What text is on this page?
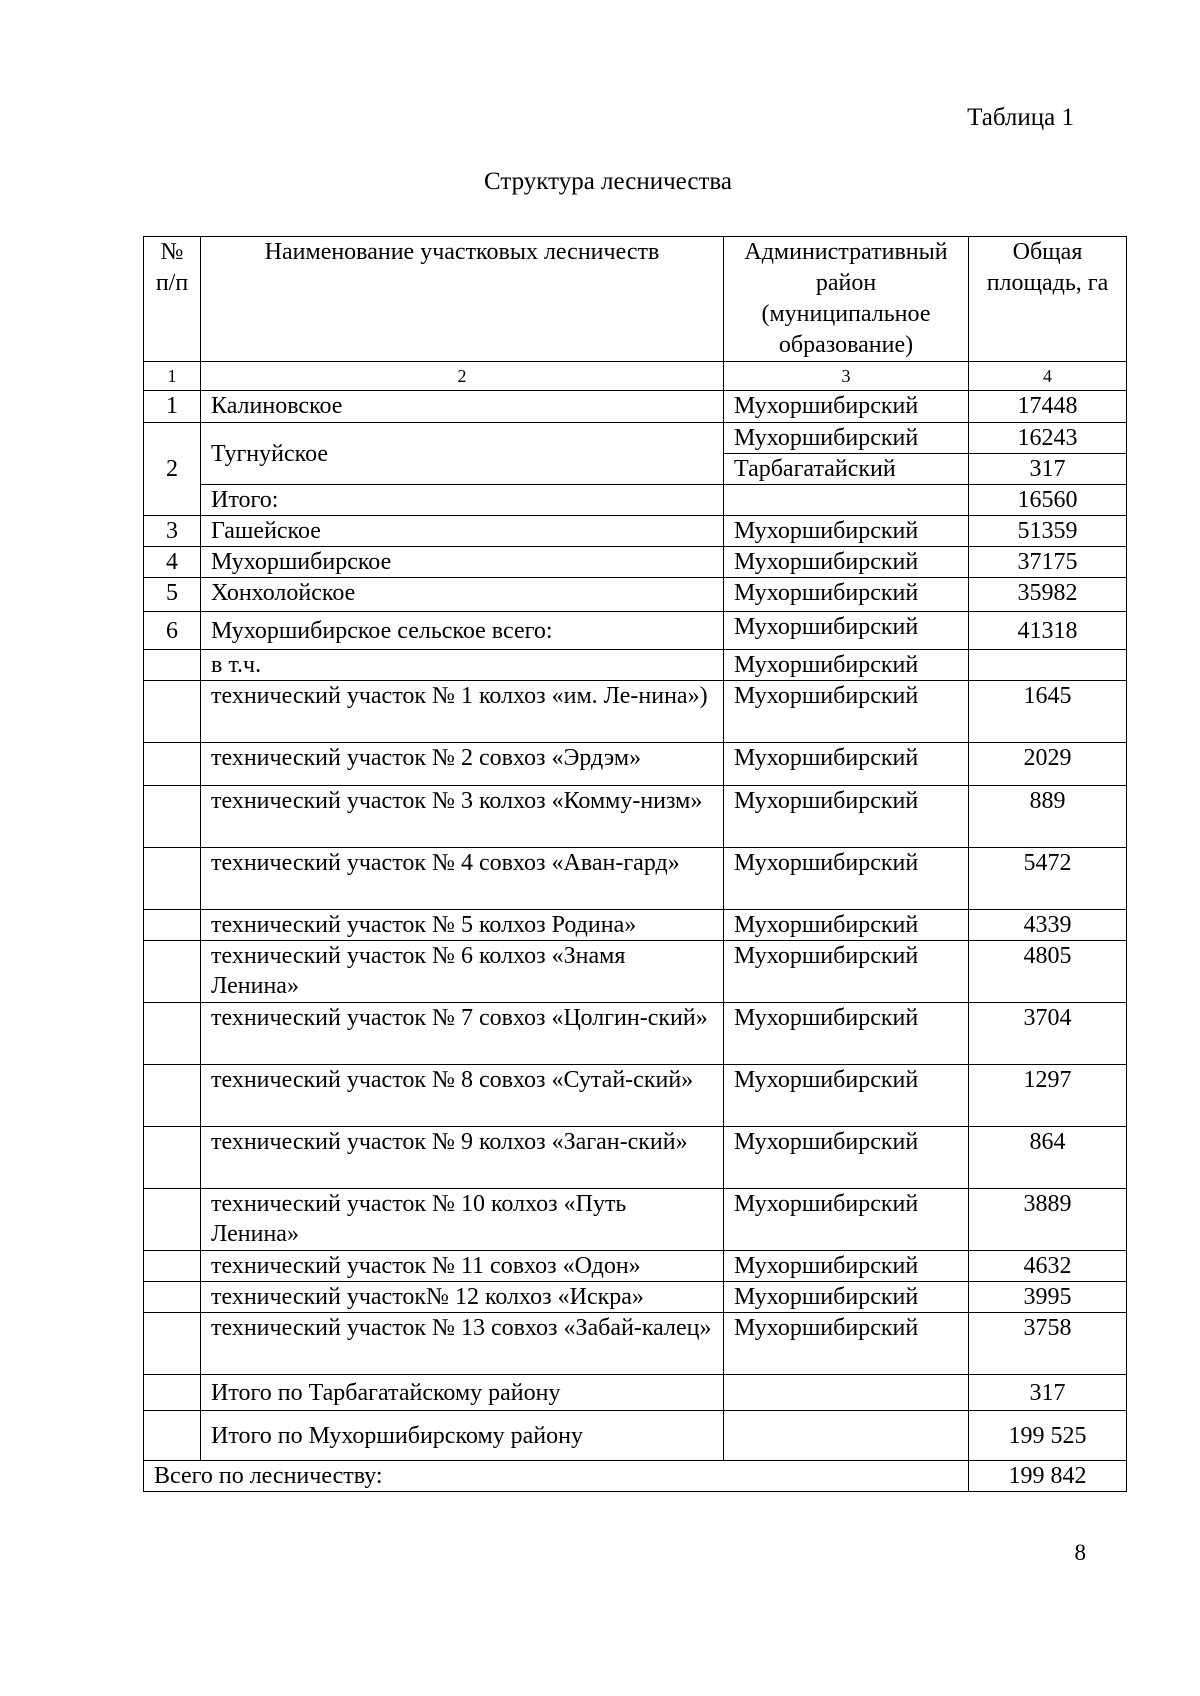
Таблица 1
Структура лесничества
№ п/п	Наименование участковых лесничеств	Административный район (муниципальное образование)	Общая площадь, га
1	2	3	4
1	Калиновское	Мухоршибирский	17448
2	Тугнуйское	Мухоршибирский	16243
		Тарбагатайский	317
	Итого:		16560
3	Гашейское	Мухоршибирский	51359
4	Мухоршибирское	Мухоршибирский	37175
5	Хонхолойское	Мухоршибирский	35982
6	Мухоршибирское сельское всего:	Мухоршибирский	41318
	в т.ч.	Мухоршибирский	
	технический участок № 1 колхоз «им. Ле-нина»)	Мухоршибирский	1645
	технический участок № 2 совхоз «Эрдэм»	Мухоршибирский	2029
	технический участок № 3 колхоз «Комму-низм»	Мухоршибирский	889
	технический участок № 4 совхоз «Аван-гард»	Мухоршибирский	5472
	технический участок № 5 колхоз Родина»	Мухоршибирский	4339
	технический участок № 6 колхоз «Знамя Ленина»	Мухоршибирский	4805
	технический участок № 7 совхоз «Цолгин-ский»	Мухоршибирский	3704
	технический участок № 8 совхоз «Сутай-ский»	Мухоршибирский	1297
	технический участок № 9 колхоз «Заган-ский»	Мухоршибирский	864
	технический участок № 10 колхоз «Путь Ленина»	Мухоршибирский	3889
	технический участок № 11 совхоз «Одон»	Мухоршибирский	4632
	технический участок№ 12 колхоз «Искра»	Мухоршибирский	3995
	технический участок № 13 совхоз «Забай-калец»	Мухоршибирский	3758
	Итого по Тарбагатайскому району		317
	Итого по Мухоршибирскому району		199 525
Всего по лесничеству:			199 842
8
